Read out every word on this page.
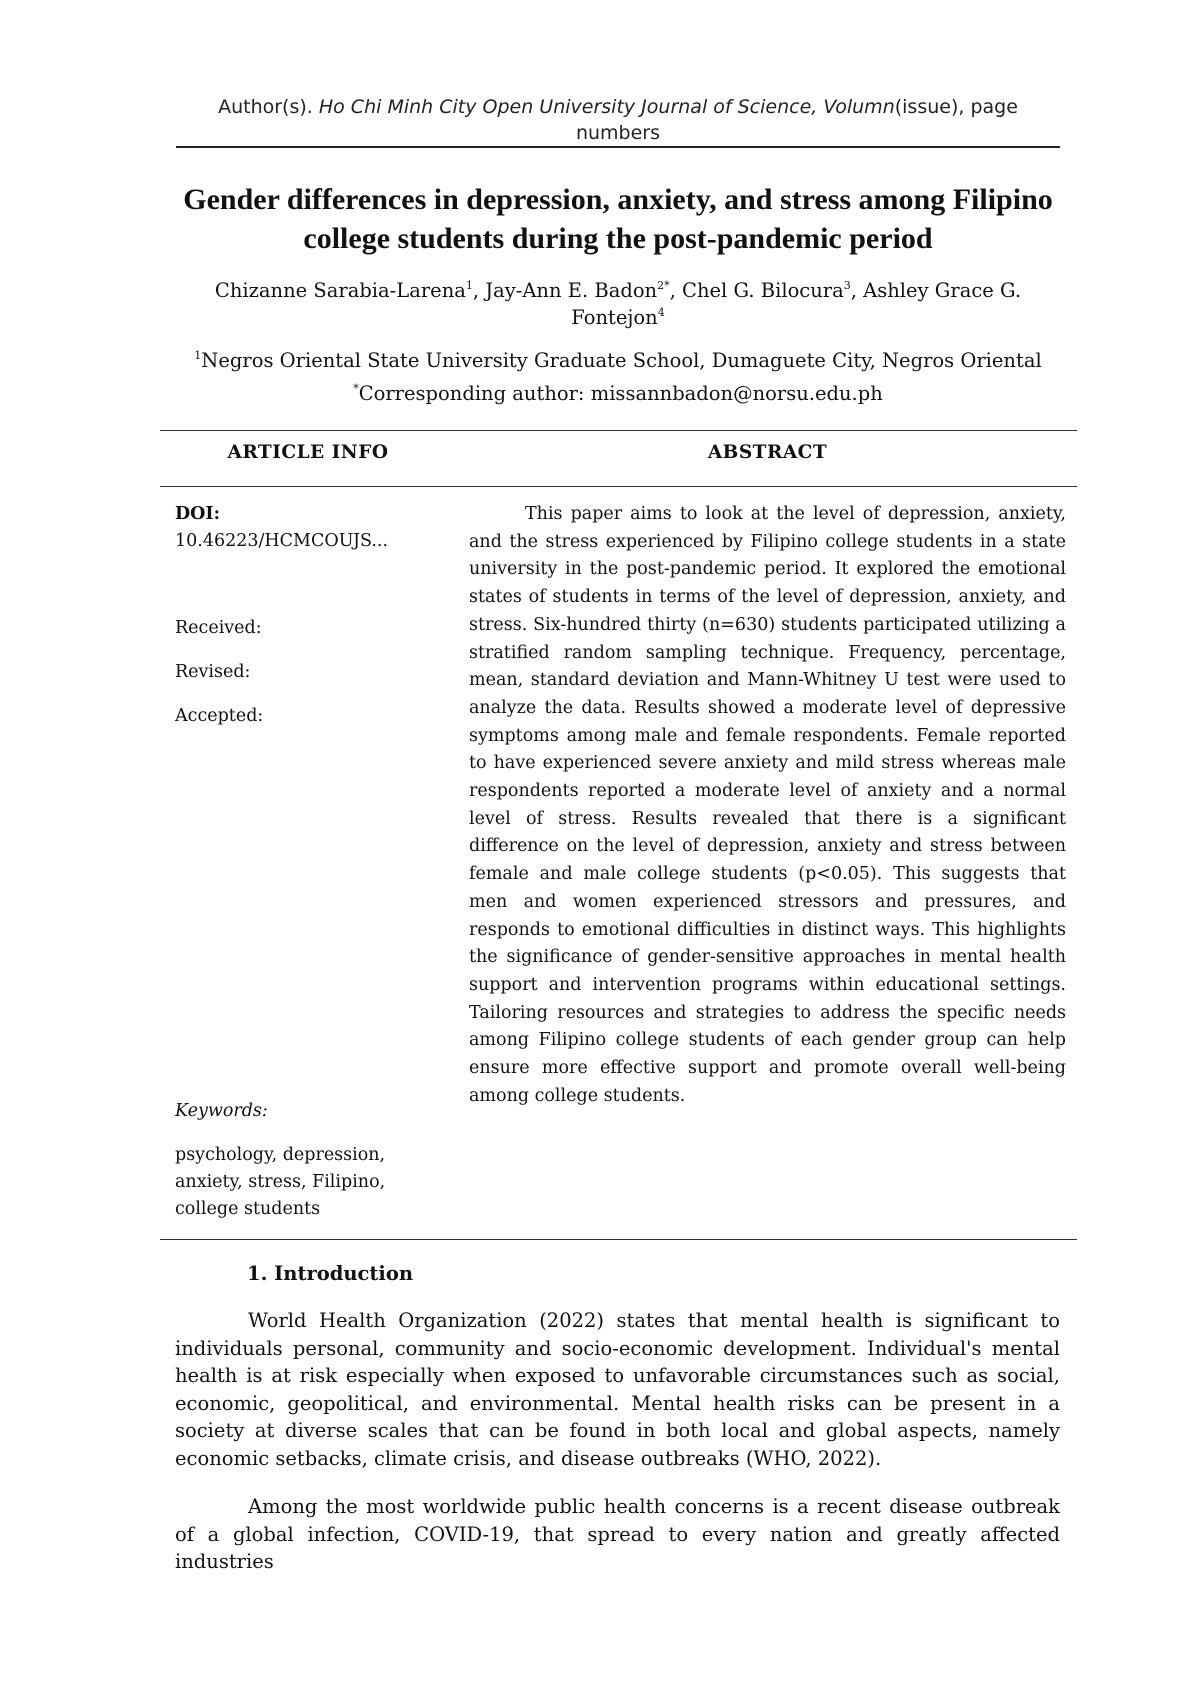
Author(s). Ho Chi Minh City Open University Journal of Science, Volumn(issue), page numbers
Gender differences in depression, anxiety, and stress among Filipino college students during the post-pandemic period
Chizanne Sarabia-Larena$^1$, Jay-Ann E. Badon$^{2*}$, Chel G. Bilocura$^3$, Ashley Grace G. Fontejon$^4$
$^1$Negros Oriental State University Graduate School, Dumaguete City, Negros Oriental
*Corresponding author: missannbadon@norsu.edu.ph
ARTICLE INFO	ABSTRACT
DOI:
10.46223/HCMCOUJS...
Received:
Revised:
Accepted:
Keywords:
psychology, depression, anxiety, stress, Filipino, college students

This paper aims to look at the level of depression, anxiety, and the stress experienced by Filipino college students in a state university in the post-pandemic period. It explored the emotional states of students in terms of the level of depression, anxiety, and stress. Six-hundred thirty (n=630) students participated utilizing a stratified random sampling technique. Frequency, percentage, mean, standard deviation and Mann-Whitney U test were used to analyze the data. Results showed a moderate level of depressive symptoms among male and female respondents. Female reported to have experienced severe anxiety and mild stress whereas male respondents reported a moderate level of anxiety and a normal level of stress. Results revealed that there is a significant difference on the level of depression, anxiety and stress between female and male college students (p<0.05). This suggests that men and women experienced stressors and pressures, and responds to emotional difficulties in distinct ways. This highlights the significance of gender-sensitive approaches in mental health support and intervention programs within educational settings. Tailoring resources and strategies to address the specific needs among Filipino college students of each gender group can help ensure more effective support and promote overall well-being among college students.

1. Introduction

World Health Organization (2022) states that mental health is significant to individuals personal, community and socio-economic development. Individual's mental health is at risk especially when exposed to unfavorable circumstances such as social, economic, geopolitical, and environmental. Mental health risks can be present in a society at diverse scales that can be found in both local and global aspects, namely economic setbacks, climate crisis, and disease outbreaks (WHO, 2022).

Among the most worldwide public health concerns is a recent disease outbreak of a global infection, COVID-19, that spread to every nation and greatly affected industries
